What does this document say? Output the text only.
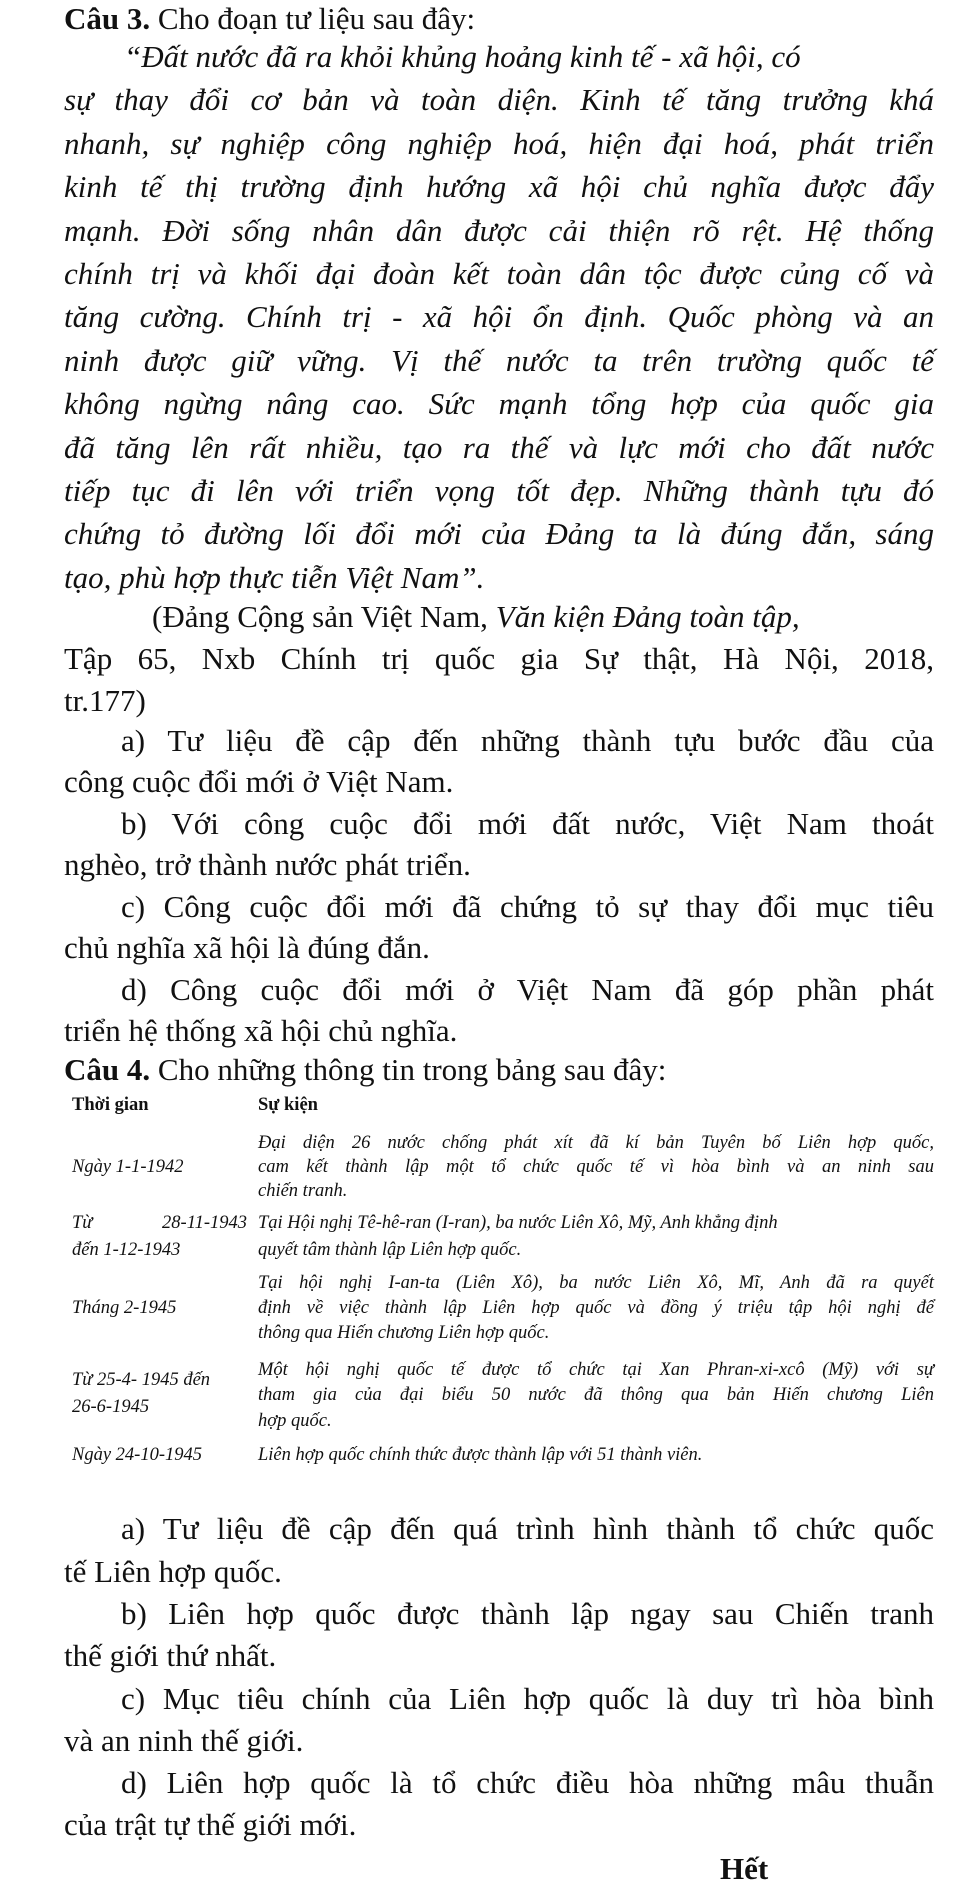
Câu 3. Cho đoạn tư liệu sau đây:

“Đất nước đã ra khỏi khủng hoảng kinh tế - xã hội, có

sự thay đổi cơ bản và toàn diện. Kinh tế tăng trưởng khá

nhanh, sự nghiệp công nghiệp hoá, hiện đại hoá, phát triển

kinh tế thị trường định hướng xã hội chủ nghĩa được đẩy

mạnh. Đời sống nhân dân được cải thiện rõ rệt. Hệ thống

chính trị và khối đại đoàn kết toàn dân tộc được củng cố và

tăng cường. Chính trị - xã hội ổn định. Quốc phòng và an

ninh được giữ vững. Vị thế nước ta trên trường quốc tế

không ngừng nâng cao. Sức mạnh tổng hợp của quốc gia

đã tăng lên rất nhiều, tạo ra thế và lực mới cho đất nước

tiếp tục đi lên với triển vọng tốt đẹp. Những thành tựu đó

chứng tỏ đường lối đổi mới của Đảng ta là đúng đắn, sáng

tạo, phù hợp thực tiễn Việt Nam”.

(Đảng Cộng sản Việt Nam, Văn kiện Đảng toàn tập,

Tập 65, Nxb Chính trị quốc gia Sự thật, Hà Nội, 2018,

tr.177)

a) Tư liệu đề cập đến những thành tựu bước đầu của

công cuộc đổi mới ở Việt Nam.

b) Với công cuộc đổi mới đất nước, Việt Nam thoát

nghèo, trở thành nước phát triển.

c) Công cuộc đổi mới đã chứng tỏ sự thay đổi mục tiêu

chủ nghĩa xã hội là đúng đắn.

d) Công cuộc đổi mới ở Việt Nam đã góp phần phát

triển hệ thống xã hội chủ nghĩa.

Câu 4. Cho những thông tin trong bảng sau đây:

Thời gian	Sự kiện

Ngày 1-1-1942

Đại diện 26 nước chống phát xít đã kí bản Tuyên bố Liên hợp quốc,

cam kết thành lập một tổ chức quốc tế vì hòa bình và an ninh sau

chiến tranh.

Từ 28-11-1943

đến 1-12-1943

Tại Hội nghị Tê-hê-ran (I-ran), ba nước Liên Xô, Mỹ, Anh khẳng định

quyết tâm thành lập Liên hợp quốc.

Tháng 2-1945

Tại hội nghị I-an-ta (Liên Xô), ba nước Liên Xô, Mĩ, Anh đã ra quyết

định về việc thành lập Liên hợp quốc và đồng ý triệu tập hội nghị để

thông qua Hiến chương Liên hợp quốc.

Từ 25-4- 1945 đến

26-6-1945

Một hội nghị quốc tế được tổ chức tại Xan Phran-xi-xcô (Mỹ) với sự

tham gia của đại biểu 50 nước đã thông qua bản Hiến chương Liên

hợp quốc.

Ngày 24-10-1945	Liên hợp quốc chính thức được thành lập với 51 thành viên.

a) Tư liệu đề cập đến quá trình hình thành tổ chức quốc

tế Liên hợp quốc.

b) Liên hợp quốc được thành lập ngay sau Chiến tranh

thế giới thứ nhất.

c) Mục tiêu chính của Liên hợp quốc là duy trì hòa bình

và an ninh thế giới.

d) Liên hợp quốc là tổ chức điều hòa những mâu thuẫn

của trật tự thế giới mới.

Hết
